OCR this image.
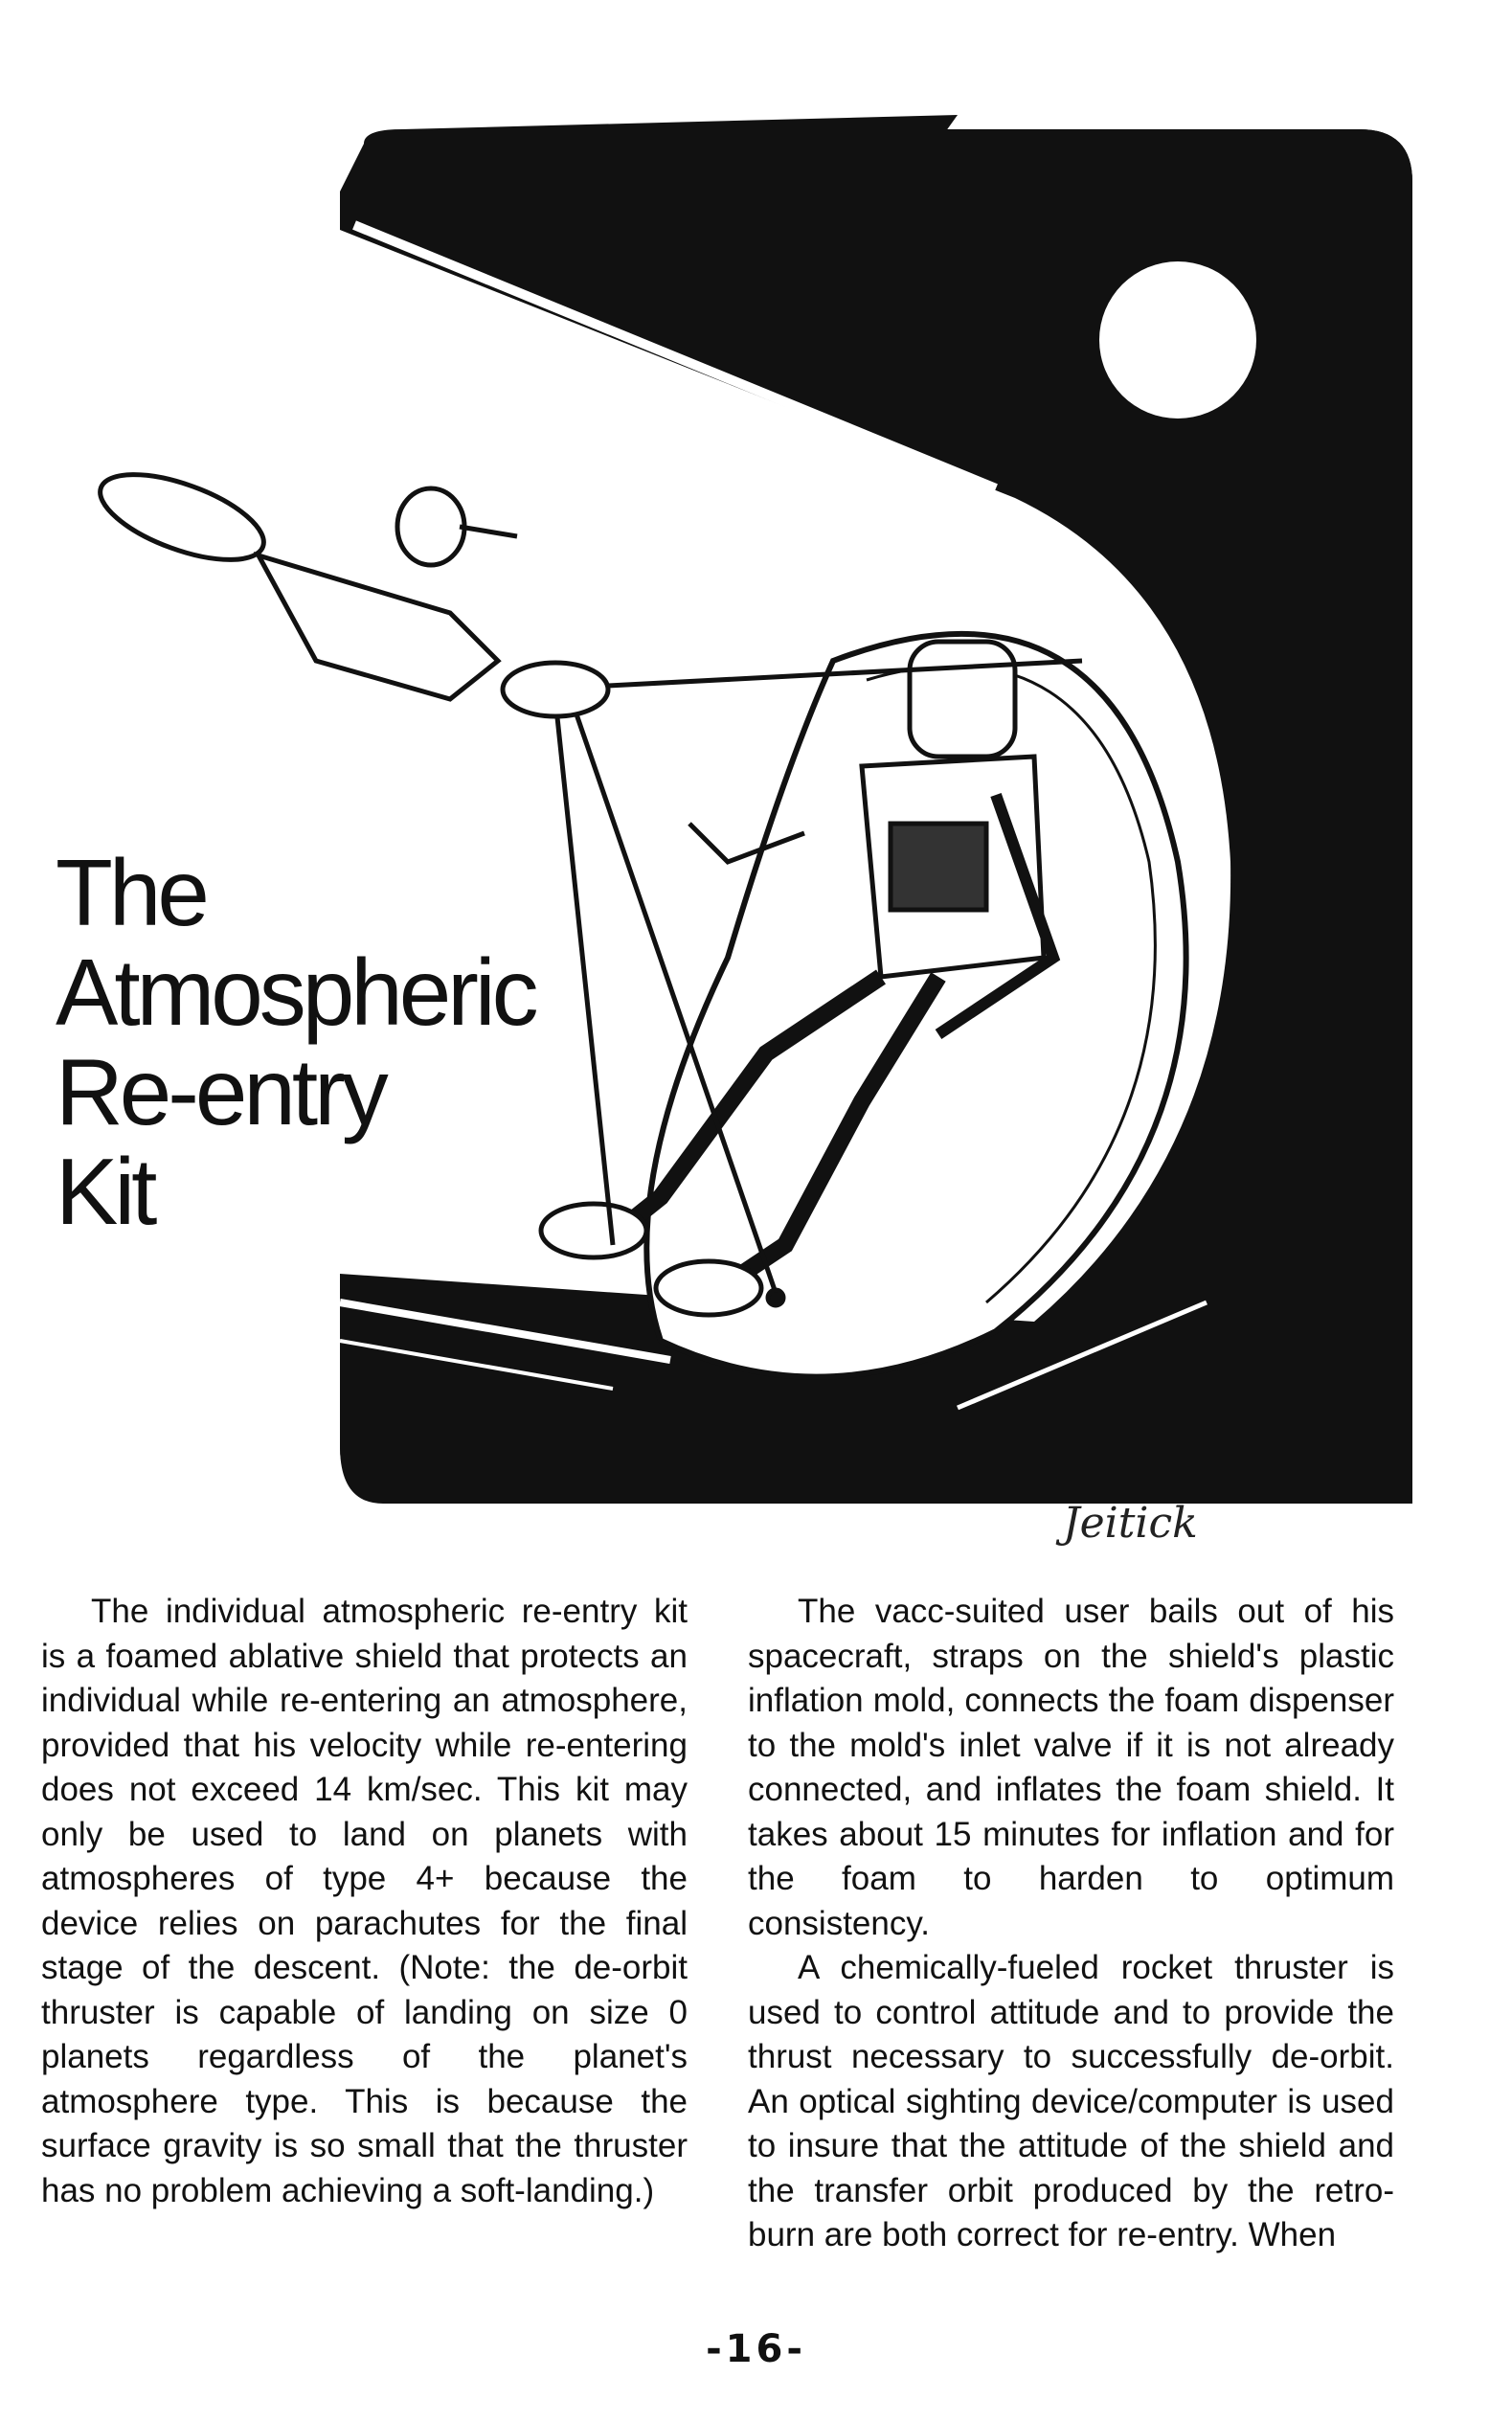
The
Atmospheric
Re-entry
Kit
Jeitick

The individual atmospheric re-entry kit is a foamed ablative shield that protects an individual while re-entering an atmosphere, provided that his velocity while re-entering does not exceed 14 km/sec. This kit may only be used to land on planets with atmospheres of type 4+ because the device relies on parachutes for the final stage of the descent. (Note: the de-orbit thruster is capable of landing on size 0 planets regardless of the planet's atmosphere type. This is because the surface gravity is so small that the thruster has no problem achieving a soft-landing.)

The vacc-suited user bails out of his spacecraft, straps on the shield's plastic inflation mold, connects the foam dispenser to the mold's inlet valve if it is not already connected, and inflates the foam shield. It takes about 15 minutes for inflation and for the foam to harden to optimum consistency.

A chemically-fueled rocket thruster is used to control attitude and to provide the thrust necessary to successfully de-orbit. An optical sighting device/computer is used to insure that the attitude of the shield and the transfer orbit produced by the retro-burn are both correct for re-entry. When

-16-
